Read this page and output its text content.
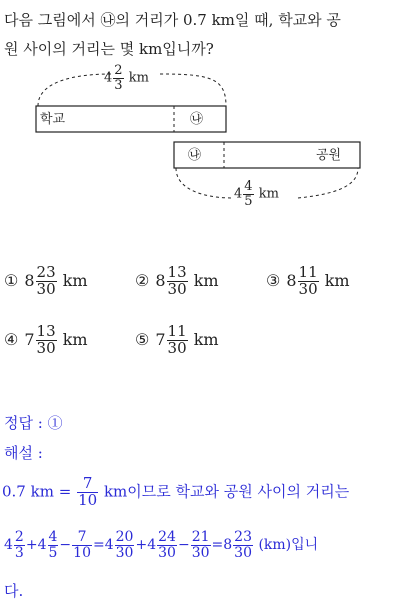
다음 그림에서 ㉯의 거리가 0.7 km일 때, 학교와 공
원 사이의 거리는 몇 km입니까?
$4 \frac{2}{3}$ km
학교	㉯
㉯	공원
$4 \frac{4}{5}$ km
① $8 \frac{23}{30}$ km	② $8 \frac{13}{30}$ km	③ $8 \frac{11}{30}$ km
④ $7 \frac{13}{30}$ km	⑤ $7 \frac{11}{30}$ km
정답 : ①
해설 :
0.7 km = $\frac{7}{10}$ km이므로 학교와 공원 사이의 거리는
$4 \frac{2}{3} +4 \frac{4}{5} - \frac{7}{10} =4 \frac{20}{30} +4 \frac{24}{30} - \frac{21}{30} =8 \frac{23}{30} (km)$입니
다.
